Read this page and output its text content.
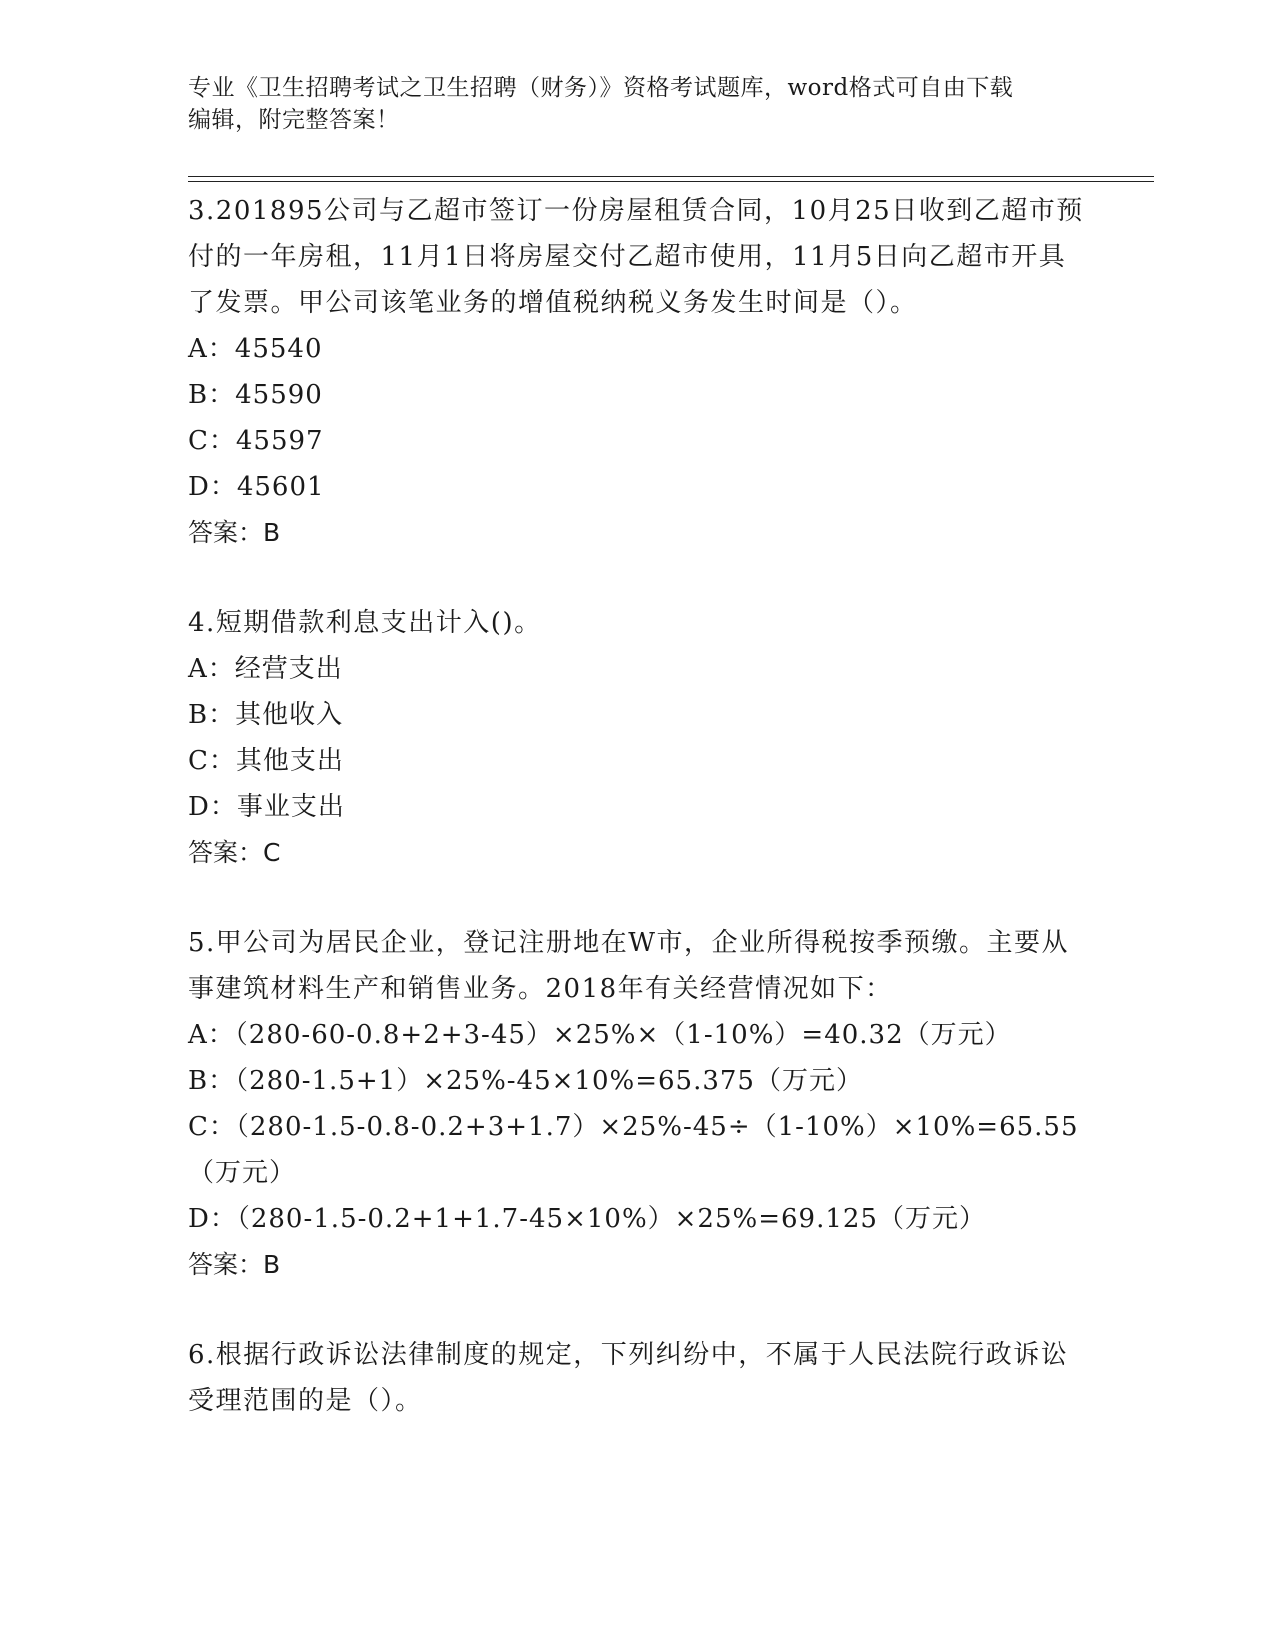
专业《卫生招聘考试之卫生招聘（财务）》资格考试题库，word格式可自由下载
编辑，附完整答案！

3.201895公司与乙超市签订一份房屋租赁合同，10月25日收到乙超市预付的一年房租，11月1日将房屋交付乙超市使用，11月5日向乙超市开具了发票。甲公司该笔业务的增值税纳税义务发生时间是（）。

A：45540

B：45590

C：45597

D：45601

答案：B

4.短期借款利息支出计入()。

A：经营支出

B：其他收入

C：其他支出

D：事业支出

答案：C

5.甲公司为居民企业，登记注册地在W市，企业所得税按季预缴。主要从事建筑材料生产和销售业务。2018年有关经营情况如下：

A：（280-60-0.8+2+3-45）×25%×（1-10%）=40.32（万元）

B：（280-1.5+1）×25%-45×10%=65.375（万元）

C：（280-1.5-0.8-0.2+3+1.7）×25%-45÷（1-10%）×10%=65.55（万元）

D：（280-1.5-0.2+1+1.7-45×10%）×25%=69.125（万元）

答案：B

6.根据行政诉讼法律制度的规定，下列纠纷中，不属于人民法院行政诉讼受理范围的是（）。
